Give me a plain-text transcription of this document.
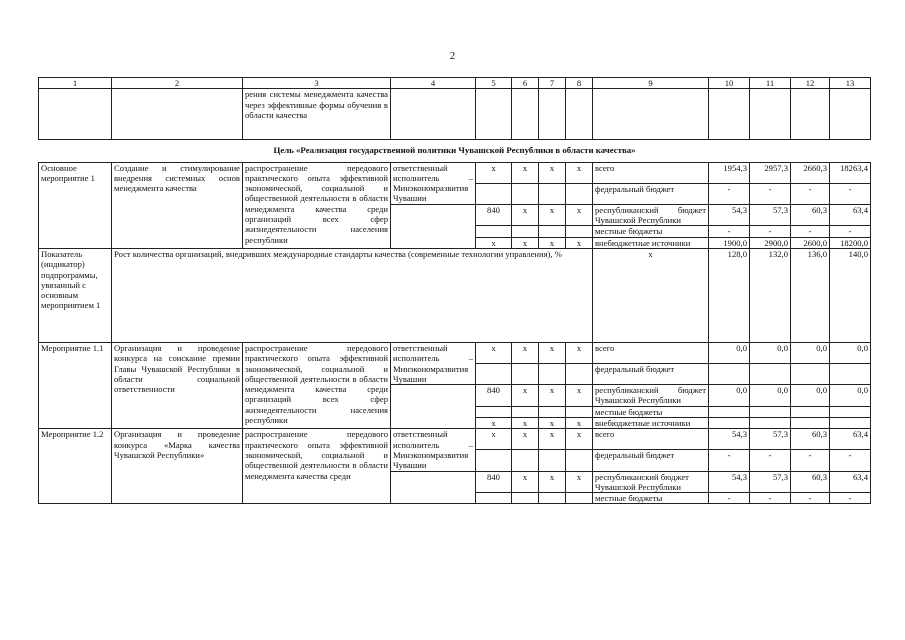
2
1	2	3	4	5	6	7	8	9	10	11	12	13
		рения системы менеджмента качества через эффективные формы обучения в области качества										
Цель «Реализация государственной политики Чувашской Республики в области качества»												
Основное мероприятие 1	Создание и стимулирование внедрения системных основ менеджмента качества	распространение передового практического опыта эффективной экономической, социальной и общественной деятельности в области менеджмента качества среди организаций всех сфер жизнедеятельности населения республики	ответственный исполнитель – Минэкономразвития Чувашии	x	x	x	x	всего	1954,3	2957,3	2660,3	18263,4
								федеральный бюджет	-	-	-	-
				840	x	x	x	республиканский бюджет Чувашской Республики	54,3	57,3	60,3	63,4
								местные бюджеты	-	-	-	-
				x	x	x	x	внебюджетные источники	1900,0	2900,0	2600,0	18200,0
Показатель (индикатор) подпрограммы, увязанный с основным мероприятием 1	Рост количества организаций, внедривших международные стандарты качества (современные технологии управления), %							x	128,0	132,0	136,0	140,0
Мероприятие 1.1	Организация и проведение конкурса на соискание премии Главы Чувашской Республики в области социальной ответственности	распространение передового практического опыта эффективной экономической, социальной и общественной деятельности в области менеджмента качества среди организаций всех сфер жизнедеятельности населения республики	ответственный исполнитель – Минэкономразвития Чувашии	x	x	x	x	всего	0,0	0,0	0,0	0,0
								федеральный бюджет				
				840	x	x	x	республиканский бюджет Чувашской Республики	0,0	0,0	0,0	0,0
								местные бюджеты				
				x	x	x	x	внебюджетные источники				
Мероприятие 1.2	Организация и проведение конкурса «Марка качества Чувашской Республики»	распространение передового практического опыта эффективной экономической, социальной и общественной деятельности в области менеджмента качества среди	ответственный исполнитель – Минэкономразвития Чувашии	x	x	x	x	всего	54,3	57,3	60,3	63,4
								федеральный бюджет	-	-	-	-
				840	x	x	x	республиканский бюджет Чувашской Республики	54,3	57,3	60,3	63,4
								местные бюджеты	-	-	-	-
